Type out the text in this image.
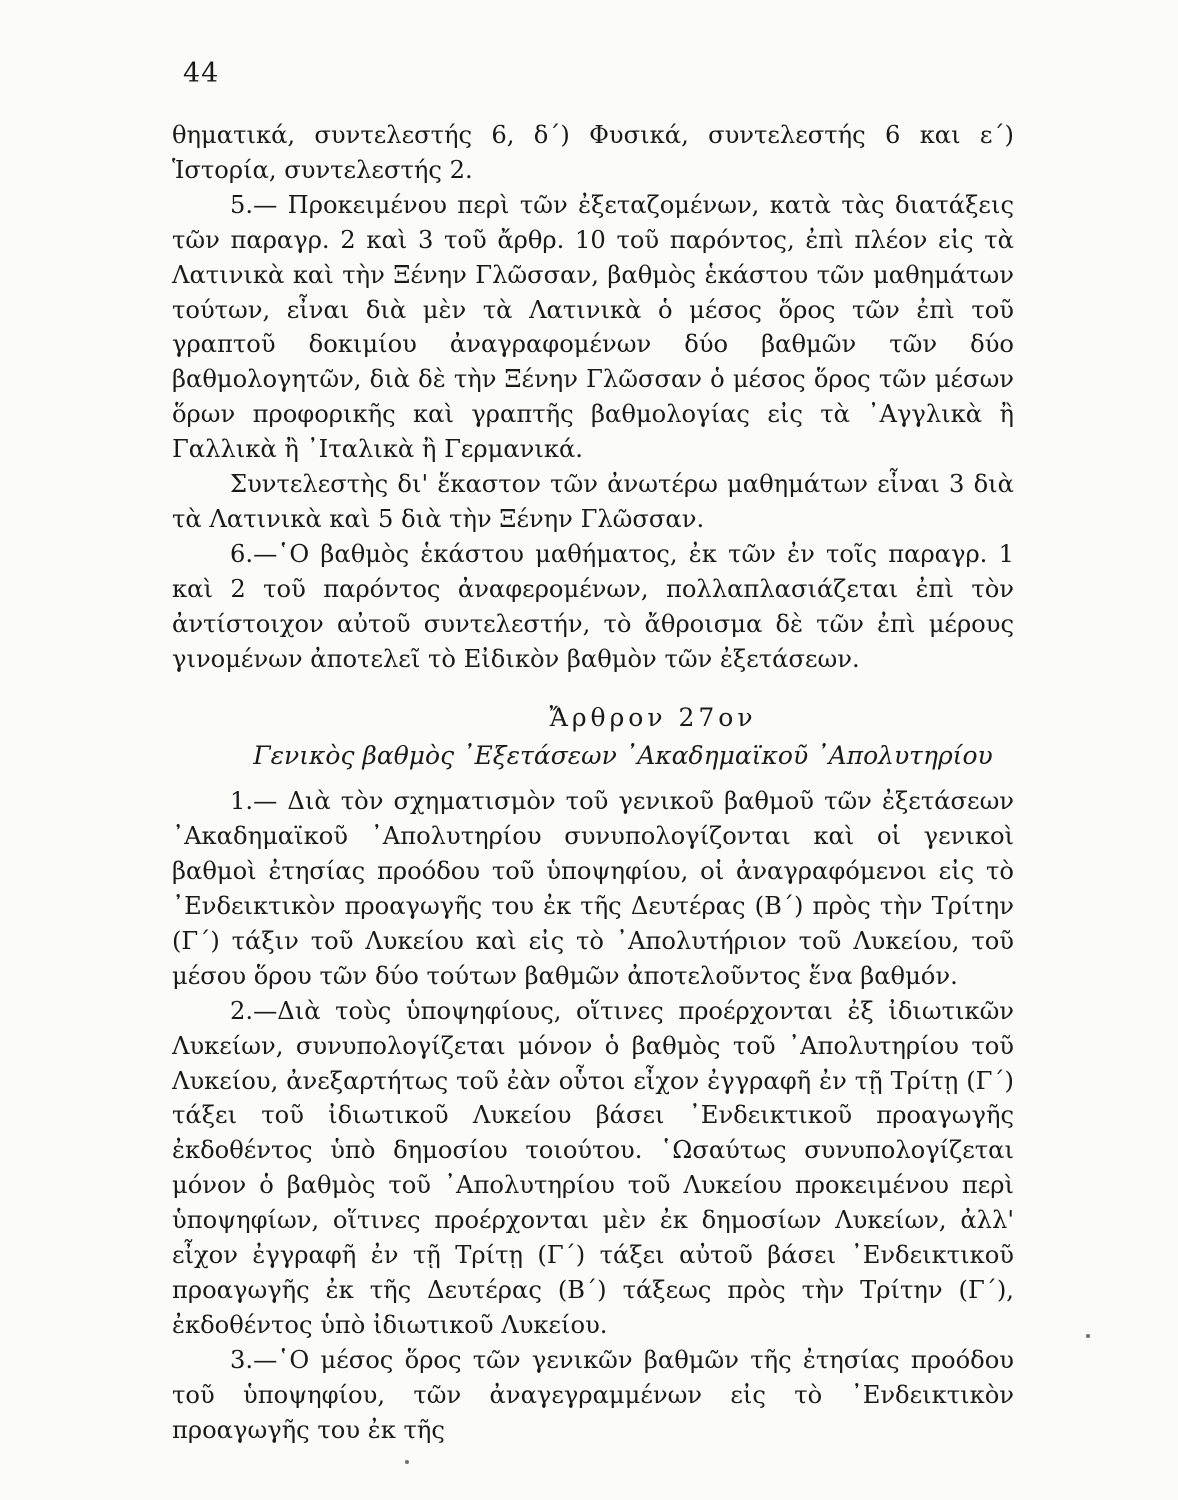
44

θηματικά, συντελεστής 6, δ΄) Φυσικά, συντελεστής 6 και ε΄) Ἱστορία, συντελεστής 2.

5.— Προκειμένου περὶ τῶν ἐξεταζομένων, κατὰ τὰς διατάξεις τῶν παραγρ. 2 καὶ 3 τοῦ ἄρθρ. 10 τοῦ παρόντος, ἐπὶ πλέον εἰς τὰ Λατινικὰ καὶ τὴν Ξένην Γλῶσσαν, βαθμὸς ἑκάστου τῶν μαθημάτων τούτων, εἶναι διὰ μὲν τὰ Λατινικὰ ὁ μέσος ὅρος τῶν ἐπὶ τοῦ γραπτοῦ δοκιμίου ἀναγραφομένων δύο βαθμῶν τῶν δύο βαθμολογητῶν, διὰ δὲ τὴν Ξένην Γλῶσσαν ὁ μέσος ὅρος τῶν μέσων ὅρων προφορικῆς καὶ γραπτῆς βαθμολογίας εἰς τὰ ᾿Αγγλικὰ ἢ Γαλλικὰ ἢ ᾿Ιταλικὰ ἢ Γερμανικά.

Συντελεστὴς δι' ἕκαστον τῶν ἀνωτέρω μαθημάτων εἶναι 3 διὰ τὰ Λατινικὰ καὶ 5 διὰ τὴν Ξένην Γλῶσσαν.

6.—῾Ο βαθμὸς ἑκάστου μαθήματος, ἐκ τῶν ἐν τοῖς παραγρ. 1 καὶ 2 τοῦ παρόντος ἀναφερομένων, πολλαπλασιάζεται ἐπὶ τὸν ἀντίστοιχον αὐτοῦ συντελεστήν, τὸ ἄθροισμα δὲ τῶν ἐπὶ μέρους γινομένων ἀποτελεῖ τὸ Εἰδικὸν βαθμὸν τῶν ἐξετάσεων.

Ἄρθρον 27ον
Γενικὸς βαθμὸς ᾿Εξετάσεων ᾿Ακαδημαϊκοῦ ᾿Απολυτηρίου

1.— Διὰ τὸν σχηματισμὸν τοῦ γενικοῦ βαθμοῦ τῶν ἐξετάσεων ᾿Ακαδημαϊκοῦ ᾿Απολυτηρίου συνυπολογίζονται καὶ οἱ γενικοὶ βαθμοὶ ἐτησίας προόδου τοῦ ὑποψηφίου, οἱ ἀναγραφόμενοι εἰς τὸ ᾿Ενδεικτικὸν προαγωγῆς του ἐκ τῆς Δευτέρας (Β΄) πρὸς τὴν Τρίτην (Γ΄) τάξιν τοῦ Λυκείου καὶ εἰς τὸ ᾿Απολυτήριον τοῦ Λυκείου, τοῦ μέσου ὅρου τῶν δύο τούτων βαθμῶν ἀποτελοῦντος ἕνα βαθμόν.

2.—Διὰ τοὺς ὑποψηφίους, οἵτινες προέρχονται ἐξ ἰδιωτικῶν Λυκείων, συνυπολογίζεται μόνον ὁ βαθμὸς τοῦ ᾿Απολυτηρίου τοῦ Λυκείου, ἀνεξαρτήτως τοῦ ἐὰν οὗτοι εἶχον ἐγγραφῆ ἐν τῇ Τρίτῃ (Γ΄) τάξει τοῦ ἰδιωτικοῦ Λυκείου βάσει ᾿Ενδεικτικοῦ προαγωγῆς ἐκδοθέντος ὑπὸ δημοσίου τοιούτου. ῾Ωσαύτως συνυπολογίζεται μόνον ὁ βαθμὸς τοῦ ᾿Απολυτηρίου τοῦ Λυκείου προκειμένου περὶ ὑποψηφίων, οἵτινες προέρχονται μὲν ἐκ δημοσίων Λυκείων, ἀλλ' εἶχον ἐγγραφῆ ἐν τῇ Τρίτῃ (Γ΄) τάξει αὐτοῦ βάσει ᾿Ενδεικτικοῦ προαγωγῆς ἐκ τῆς Δευτέρας (Β΄) τάξεως πρὸς τὴν Τρίτην (Γ΄), ἐκδοθέντος ὑπὸ ἰδιωτικοῦ Λυκείου.

3.—῾Ο μέσος ὅρος τῶν γενικῶν βαθμῶν τῆς ἐτησίας προόδου τοῦ ὑποψηφίου, τῶν ἀναγεγραμμένων εἰς τὸ ᾿Ενδεικτικὸν προαγωγῆς του ἐκ τῆς
